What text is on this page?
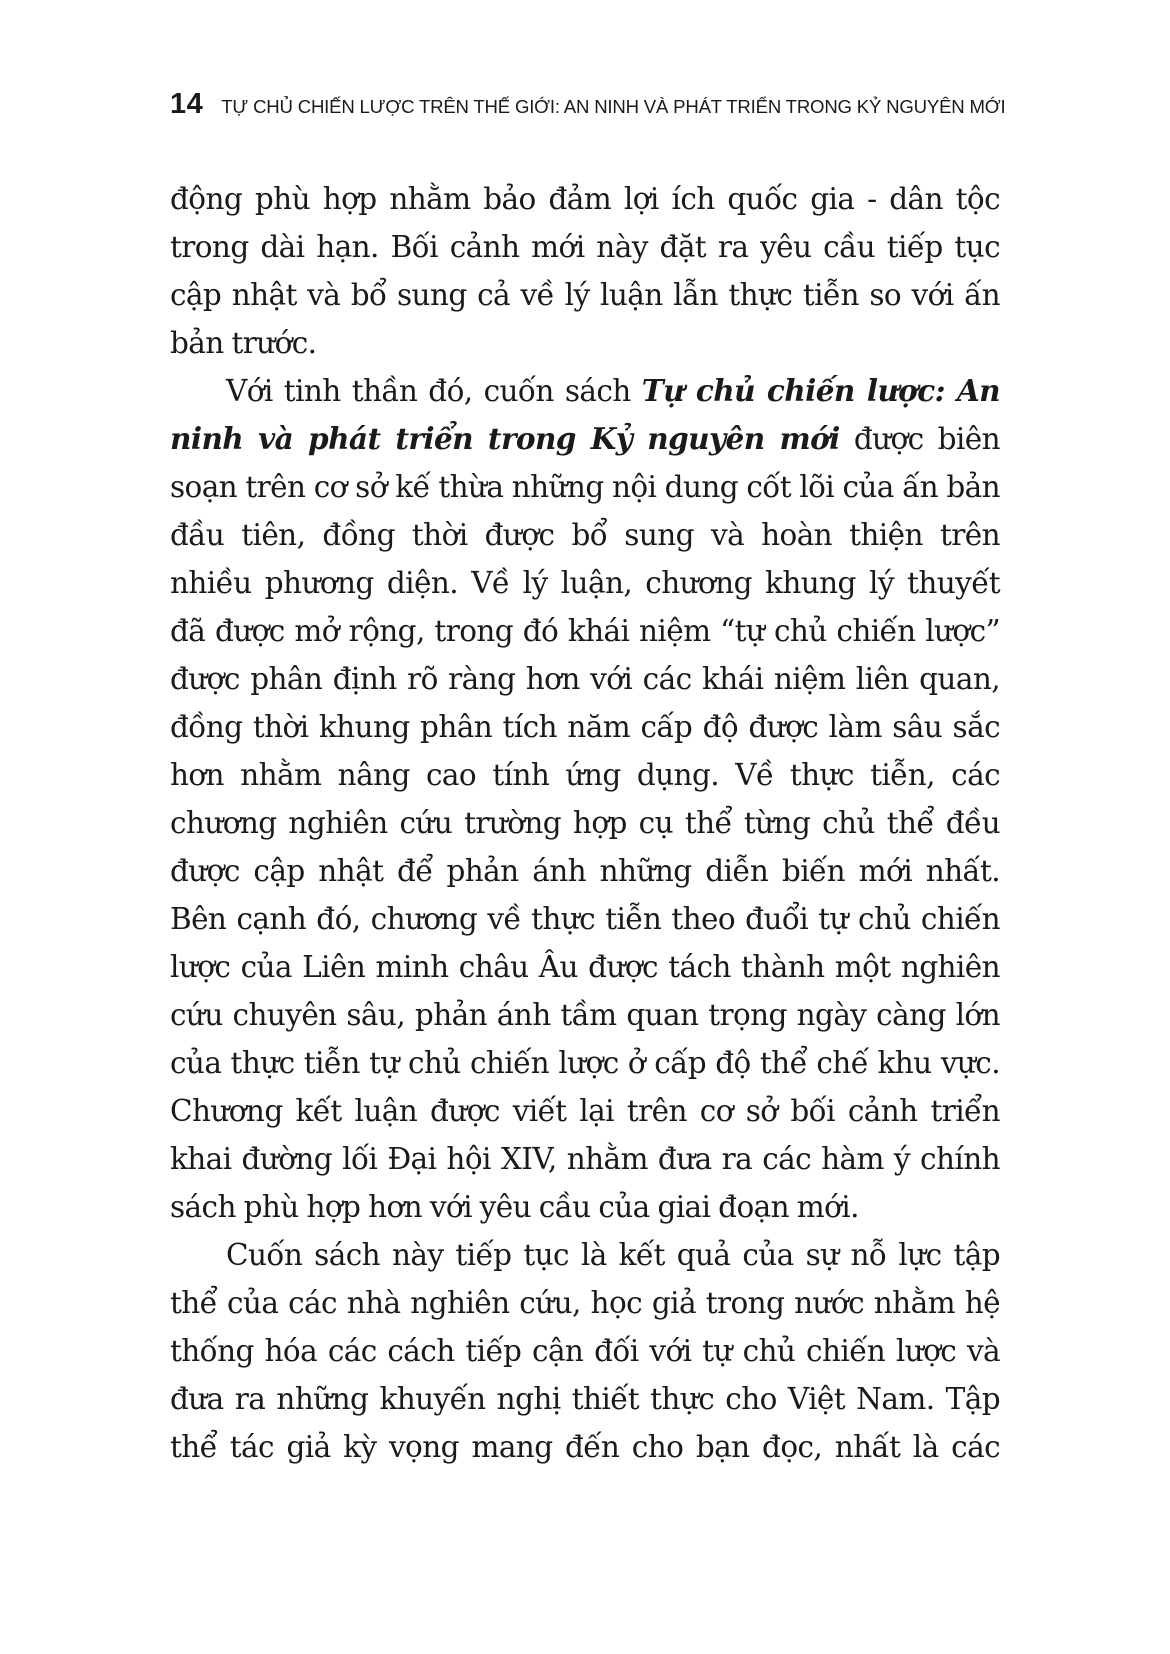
14 TỰ CHỦ CHIẾN LƯỢC TRÊN THẾ GIỚI: AN NINH VÀ PHÁT TRIỂN TRONG KỶ NGUYÊN MỚI

động phù hợp nhằm bảo đảm lợi ích quốc gia - dân tộc
trong dài hạn. Bối cảnh mới này đặt ra yêu cầu tiếp tục
cập nhật và bổ sung cả về lý luận lẫn thực tiễn so với ấn
bản trước.

Với tinh thần đó, cuốn sách Tự chủ chiến lược: An
ninh và phát triển trong Kỷ nguyên mới được biên
soạn trên cơ sở kế thừa những nội dung cốt lõi của ấn bản
đầu tiên, đồng thời được bổ sung và hoàn thiện trên
nhiều phương diện. Về lý luận, chương khung lý thuyết
đã được mở rộng, trong đó khái niệm “tự chủ chiến lược”
được phân định rõ ràng hơn với các khái niệm liên quan,
đồng thời khung phân tích năm cấp độ được làm sâu sắc
hơn nhằm nâng cao tính ứng dụng. Về thực tiễn, các
chương nghiên cứu trường hợp cụ thể từng chủ thể đều
được cập nhật để phản ánh những diễn biến mới nhất.
Bên cạnh đó, chương về thực tiễn theo đuổi tự chủ chiến
lược của Liên minh châu Âu được tách thành một nghiên
cứu chuyên sâu, phản ánh tầm quan trọng ngày càng lớn
của thực tiễn tự chủ chiến lược ở cấp độ thể chế khu vực.
Chương kết luận được viết lại trên cơ sở bối cảnh triển
khai đường lối Đại hội XIV, nhằm đưa ra các hàm ý chính
sách phù hợp hơn với yêu cầu của giai đoạn mới.

Cuốn sách này tiếp tục là kết quả của sự nỗ lực tập
thể của các nhà nghiên cứu, học giả trong nước nhằm hệ
thống hóa các cách tiếp cận đối với tự chủ chiến lược và
đưa ra những khuyến nghị thiết thực cho Việt Nam. Tập
thể tác giả kỳ vọng mang đến cho bạn đọc, nhất là các
